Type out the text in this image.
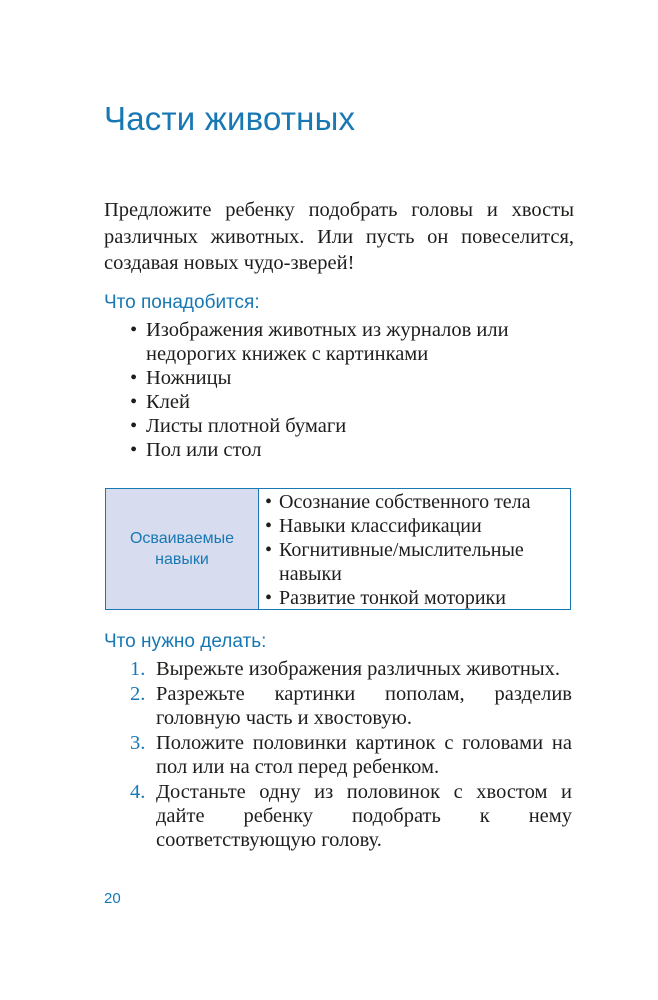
Части животных

Предложите ребенку подобрать головы и хвосты различных животных. Или пусть он повеселится, создавая новых чудо-зверей!

Что понадобится:

• Изображения животных из журналов или недорогих книжек с картинками
• Ножницы
• Клей
• Листы плотной бумаги
• Пол или стол
Осваиваемые навыки
• Осознание собственного тела
• Навыки классификации
• Когнитивные/мыслительные навыки
• Развитие тонкой моторики

Что нужно делать:

1. Вырежьте изображения различных животных.
2. Разрежьте картинки пополам, разделив головную часть и хвостовую.
3. Положите половинки картинок с головами на пол или на стол перед ребенком.
4. Достаньте одну из половинок с хвостом и дайте ребенку подобрать к нему соответствующую голову.
20
